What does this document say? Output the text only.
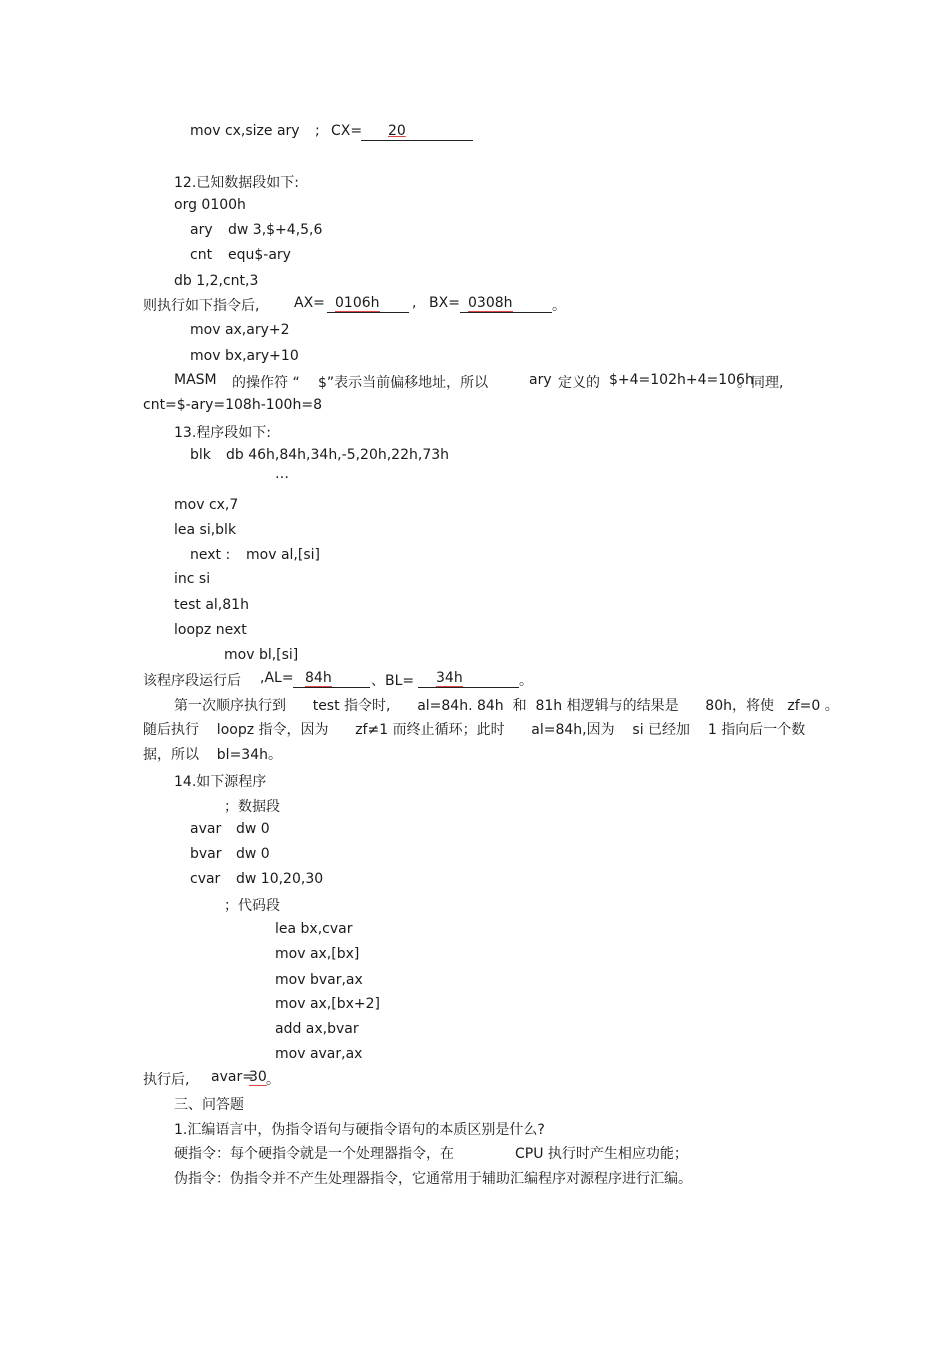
mov cx,size ary ; CX=

20

12.已知数据段如下:
org 0100h
ary dw 3,$+4,5,6
cnt equ$-ary
db 1,2,cnt,3
则执行如下指令后, AX=

0106h

, BX=

0308h

	。
mov ax,ary+2
mov bx,ary+10
MASM 的操作符 “ $”表示当前偏移地址，所以	ary 定义的 $+4=102h+4=106h
。同理,
cnt=$-ary=108h-100h=8
13.程序段如下:
blk db 46h,84h,34h,-5,20h,22h,73h
…
mov cx,7
lea si,blk
next : mov al,[si]
inc si
test al,81h
loopz next
mov bl,[si]
该程序段运行后 ,AL=

84h

	、BL=

34h

	。
第一次顺序执行到      test 指令时,      al=84h. 84h  和  81h 相逻辑与的结果是      80h，将使   zf=0 。
随后执行    loopz 指令，因为      zf≠1 而终止循环；此时      al=84h,因为    si 已经加    1 指向后一个数
据，所以    bl=34h。
14.如下源程序
；数据段
avar dw 0
bvar dw 0
cvar dw 10,20,30
；代码段
lea bx,cvar
mov ax,[bx]
mov bvar,ax
mov ax,[bx+2]
add ax,bvar
mov avar,ax
执行后, avar=
30 。
三、问答题
1.汇编语言中，伪指令语句与硬指令语句的本质区别是什么?
硬指令：每个硬指令就是一个处理器指令，在	CPU 执行时产生相应功能；
伪指令：伪指令并不产生处理器指令，它通常用于辅助汇编程序对源程序进行汇编。
